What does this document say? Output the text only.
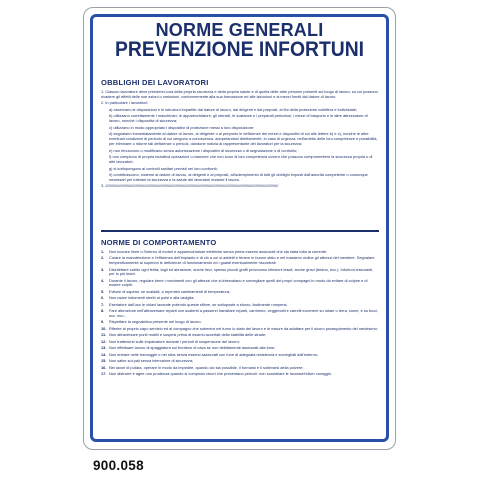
NORME GENERALI
PREVENZIONE INFORTUNI
OBBLIGHI DEI LAVORATORI

1. Ciascun lavoratore deve prendersi cura della propria sicurezza e della propria salute e di quella delle altre persone presenti sul luogo di lavoro, su cui possono ricadere gli effetti delle sue azioni o omissioni, conformemente alla sua formazione ed alle istruzioni e ai mezzi forniti dal datore di lavoro.

2. In particolare i lavoratori:

a) osservano le disposizioni e le istruzioni impartite dal datore di lavoro, dai dirigenti e dai preposti, ai fini della protezione collettiva e individuale;

b) utilizzano correttamente i macchinari, le apparecchiature, gli utensili, le sostanze e i preparati pericolosi, i mezzi di trasporto e le altre attrezzature di lavoro, nonché i dispositivi di sicurezza;

c) utilizzano in modo appropriato i dispositivi di protezione messi a loro disposizione;

d) segnalano immediatamente al datore di lavoro, al dirigente o al preposto le deficienze dei mezzi e dispositivi di cui alle lettere b) e c), nonché le altre eventuali condizioni di pericolo di cui vengono a conoscenza, adoperandosi direttamente, in caso di urgenza, nell'ambito delle loro competenze e possibilità, per eliminare o ridurre tali deficienze o pericoli, dandone notizia al rappresentante dei lavoratori per la sicurezza;

e) non rimuovono o modificano senza autorizzazione i dispositivi di sicurezza o di segnalazione o di controllo;

f) non compiono di propria iniziativa operazioni o manovre che non sono di loro competenza ovvero che possono compromettere la sicurezza propria o di altri lavoratori;

g) si sottopongono ai controlli sanitari previsti nei loro confronti;

h) contribuiscono, insieme al datore di lavoro, ai dirigenti e ai preposti, all'adempimento di tutti gli obblighi imposti dall'autorità competente o comunque necessari per tutelare la sicurezza e la salute dei lavoratori durante il lavoro.

3. ////////////////////////////////////////////////////////////////////////////////////////////////////////////////////////////////////////////////////////////////

NORME DI COMPORTAMENTO
1.	Non toccare linee o l'interno di motori e apparecchiature elettriche senza prima essersi assicurati che sia stata tolta la corrente.
2.	Curare la manutenzione e l'efficienza dell'impianto e di ciò a cui si addetti e tenere in buono stato e nel massimo ordine gli attrezzi del mestiere. Segnalare tempestivamente ai superiori le deficienze di funzionamento ed i guasti eventualmente riscontrati.
3.	Disinfettare subito ogni ferita; tagli ed abrasione, anche lievi, spesso piccoli graffi provocano infezioni lesali, anche gravi (tetano, ecc.). Infortuni lesionanti, per lo più lesivi.
4.	Durante il lavoro, regolare bene i movimenti con gli attrezzi che si intercalano e sorvegliare quelli dei propri compagni in modo da evitare di colpire e di essere colpiti.
5.	Evitare di sapersi, se scaldati, a repentini cambiamenti di temperatura;
6.	Non usare indumenti strettì ai polsi e alla caviglia;
7.	Eseriatore dall'uso le chiavi lavorate potendo queste sfilme, se sottoposte a sforzo, facilmente rompersi;
8.	Fare attenzione nell'attraversare reparti ove scatenti a passerei transitare reparti, carrimmo, veggenotti e carrelli eccenerri su rotaie o terra, come, e su fucci, ecc. ecc.;
9.	Rispettare la segnaletica presente nel luogo di lavoro.
10. Riferire al proprio capo servizio ed al compagno che subentra nel turno lo stato del lavoro e le misure da adottare per il sicuro proseguimento del medesimo;
11. Non attraversare punti mobili e sospesi prima di essersi accertati della stabilità delle strade;
12. Non trattenersi sulle impalcature durante i periodi di sospensione del lavoro;
13. Non effettuare lavoro di spaggiatura sul fronteno di cava se non debitamente assicurati alla fune;
14. Non entrare nelle tramoggie o nei silos senza essersi assicurati con fune di adeguata resistenza e sorvegliati dall'esterno;
15. Non salire sui pali senza intervalore di sicurezza;
16. Nei lavori di pulizia, operare in modo da impedire, quando ciò sia possibile, il formarsi e il sollevarsi della polvere;
17. Non distrarre e agire non prudenza quando si compiono lavori che presentano pericoli: non scambiare le lavoravi/ridiver coraggio.
900.058
